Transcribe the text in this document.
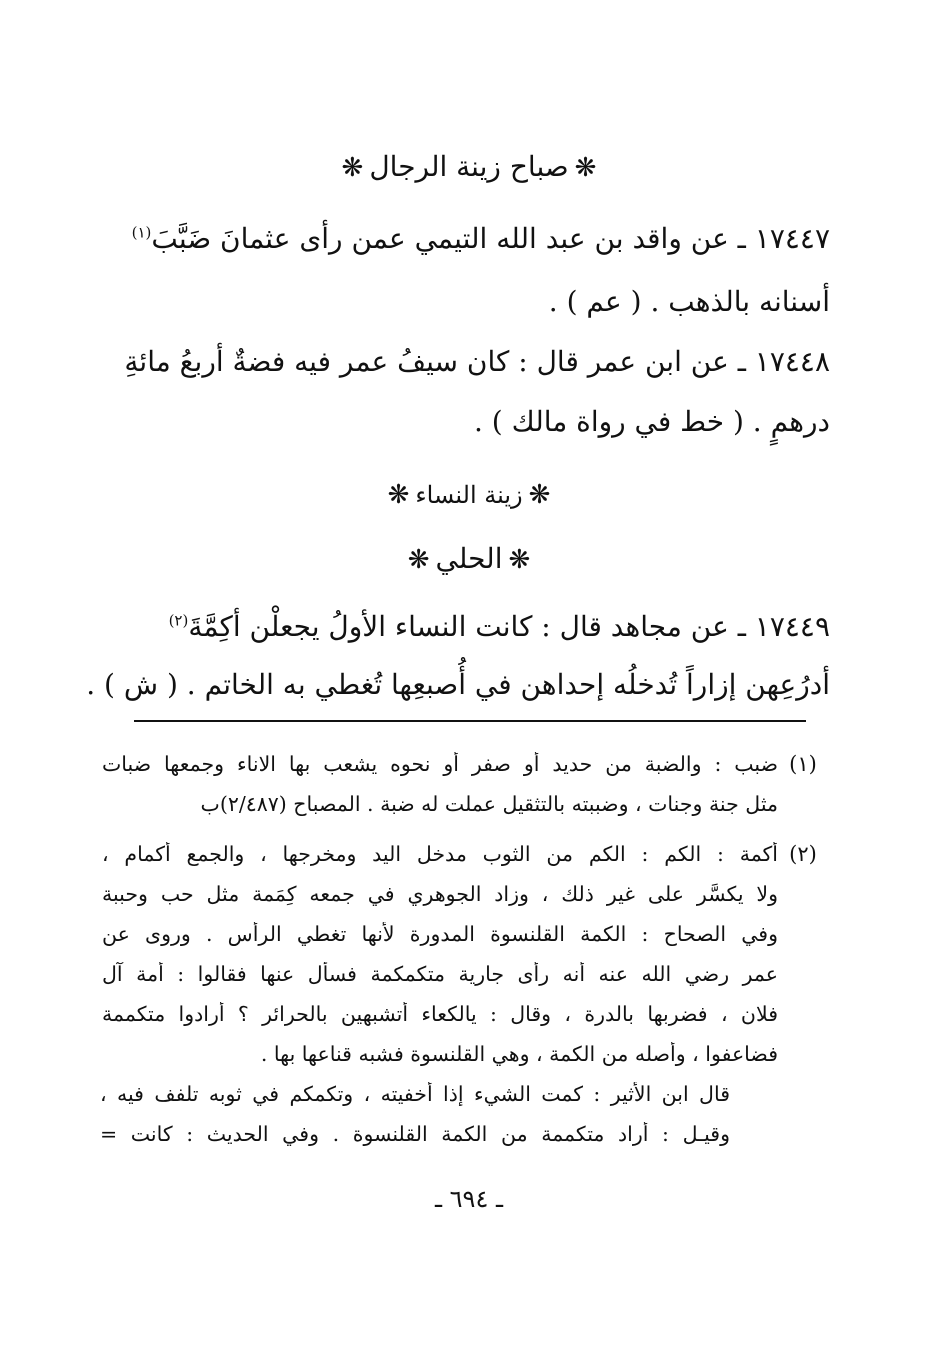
❋صباح زينة الرجال❋
١٧٤٤٧ ـ عن واقد بن عبد الله التيمي عمن رأى عثمانَ ضَبَّبَ$^{(١)}$
أسنانه بالذهب . ( عم ) .
١٧٤٤٨ ـ عن ابن عمر قال : كان سيفُ عمر فيه فضةٌ أربعُ مائةِ
درهمٍ . ( خط في رواة مالك ) .
❋زينة النساء❋
❋الحلي❋
١٧٤٤٩ ـ عن مجاهد قال : كانت النساء الأولُ يجعلْن أكِمَّةَ$^{(٢)}$
أدرُعِهن إزاراً تُدخلُه إحداهن في أُصبعِها تُغطي به الخاتم . ( ش ) .
(١)
ضبب : والضبة من حديد أو صفر أو نحوه يشعب بها الاناء وجمعها ضبات
مثل جنة وجنات ، وضببته بالتثقيل عملت له ضبة . المصباح (٢/٤٨٧)ب
(٢)
أكمة : الكم : الكم من الثوب مدخل اليد ومخرجها ، والجمع أكمام ،
ولا يكسَّر على غير ذلك ، وزاد الجوهري في جمعه كِمَمة مثل حب وحببة
وفي الصحاح : الكمة القلنسوة المدورة لأنها تغطي الرأس . وروى عن
عمر رضي الله عنه أنه رأى جارية متكمكمة فسأل عنها فقالوا : أمة آل
فلان ، فضربها بالدرة ، وقال : يالكعاء أتشبهين بالحرائر ؟ أرادوا متكممة
فضاعفوا ، وأصله من الكمة ، وهي القلنسوة فشبه قناعها بها .
قال ابن الأثير : كمت الشيء إذا أخفيته ، وتكمكم في ثوبه تلفف فيه ،
وقيـل : أراد متكممة من الكمة القلنسوة . وفي الحديث : كانت =
ـ ٦٩٤ ـ
